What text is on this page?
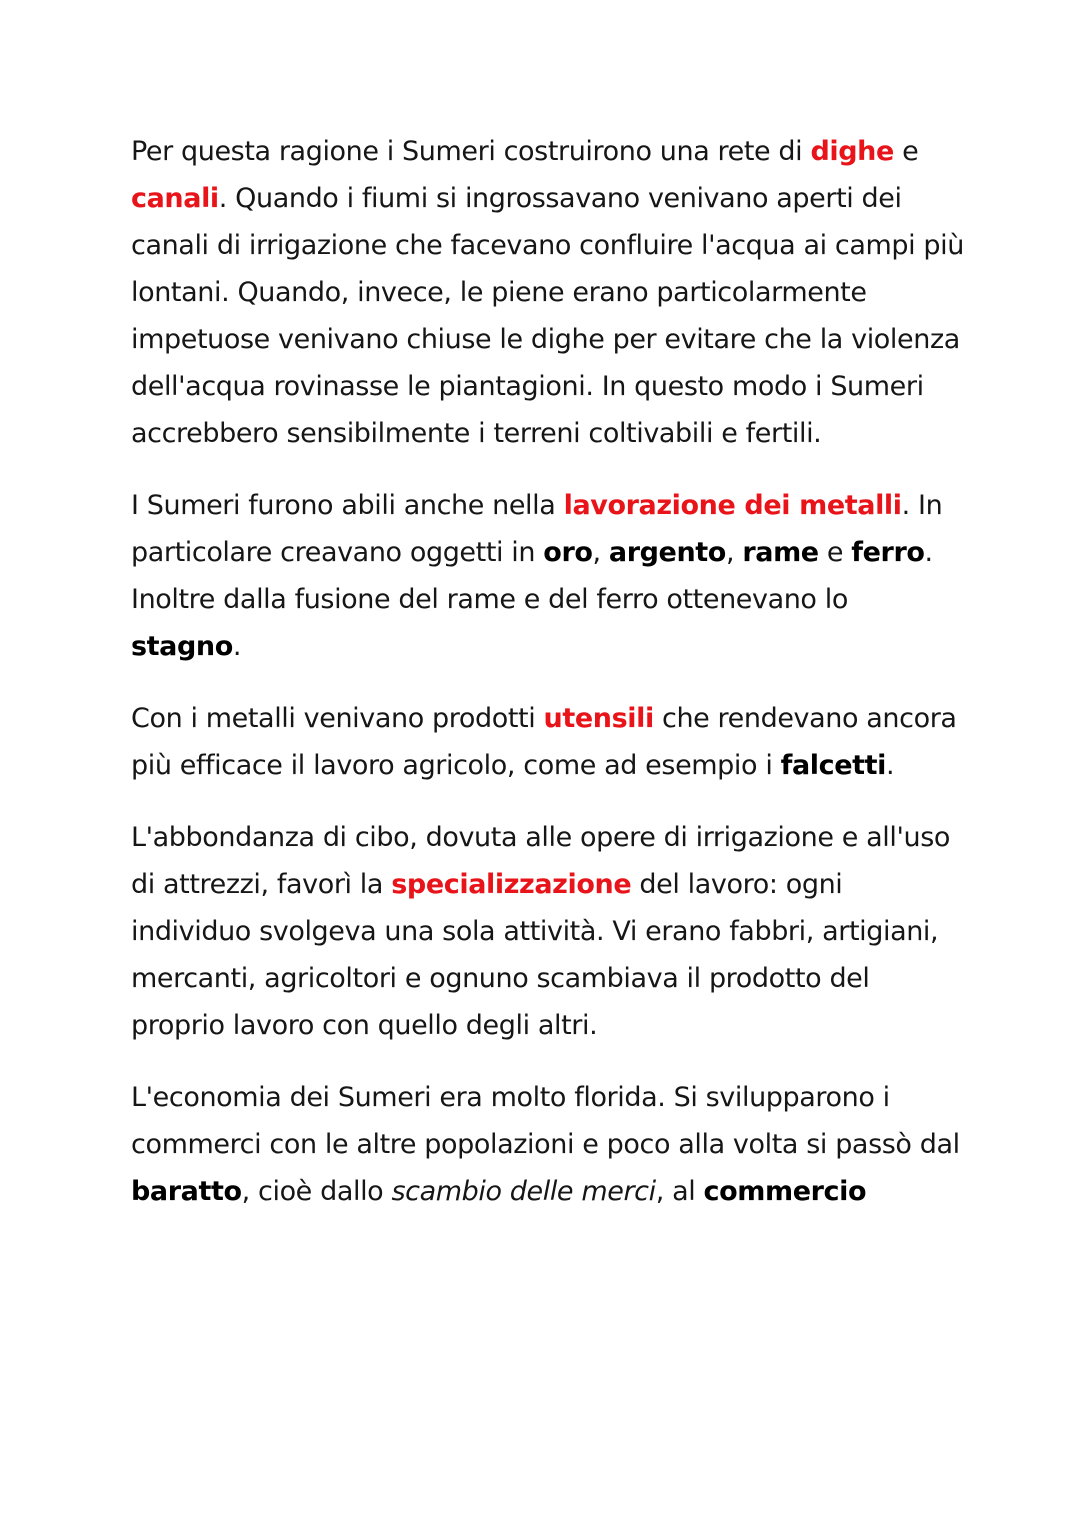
Per questa ragione i Sumeri costruirono una rete di dighe e canali. Quando i fiumi si ingrossavano venivano aperti dei canali di irrigazione che facevano confluire l'acqua ai campi più lontani. Quando, invece, le piene erano particolarmente impetuose venivano chiuse le dighe per evitare che la violenza dell'acqua rovinasse le piantagioni. In questo modo i Sumeri accrebbero sensibilmente i terreni coltivabili e fertili.

I Sumeri furono abili anche nella lavorazione dei metalli. In particolare creavano oggetti in oro, argento, rame e ferro. Inoltre dalla fusione del rame e del ferro ottenevano lo stagno.

Con i metalli venivano prodotti utensili che rendevano ancora più efficace il lavoro agricolo, come ad esempio i falcetti.

L'abbondanza di cibo, dovuta alle opere di irrigazione e all'uso di attrezzi, favorì la specializzazione del lavoro: ogni individuo svolgeva una sola attività. Vi erano fabbri, artigiani, mercanti, agricoltori e ognuno scambiava il prodotto del proprio lavoro con quello degli altri.

L'economia dei Sumeri era molto florida. Si svilupparono i commerci con le altre popolazioni e poco alla volta si passò dal baratto, cioè dallo scambio delle merci, al commercio
